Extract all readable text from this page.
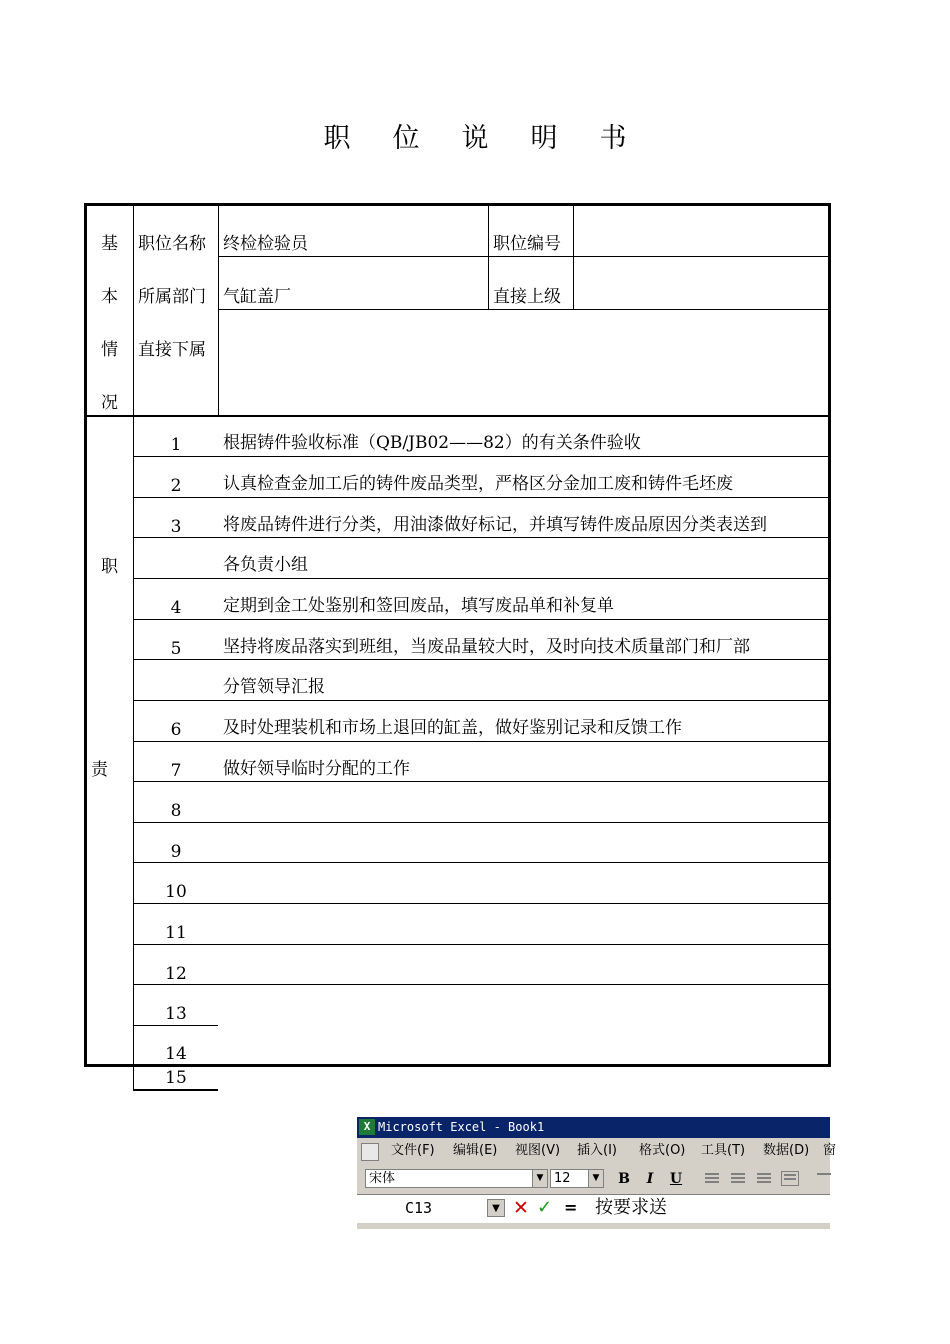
职 位 说 明 书
基
本
情
况
职位名称 终检检验员	职位编号
所属部门 气缸盖厂	直接上级
直接下属
职
责
1	根据铸件验收标准（QB/JB02——82）的有关条件验收
2	认真检查金加工后的铸件废品类型，严格区分金加工废和铸件毛坯废
3	将废品铸件进行分类，用油漆做好标记，并填写铸件废品原因分类表送到
各负责小组
4	定期到金工处鉴别和签回废品，填写废品单和补复单
5	坚持将废品落实到班组，当废品量较大时，及时向技术质量部门和厂部
分管领导汇报
6	及时处理装机和市场上退回的缸盖，做好鉴别记录和反馈工作
7	做好领导临时分配的工作
8
9
10
11
12
13
14
15
X Microsoft Excel - Book1
文件(F) 编辑(E) 视图(V) 插入(I) 格式(O) 工具(T) 数据(D) 窗
宋体	▼ 12	▼ B	I	U
C13	▼ ✕ ✓ = 按要求送
